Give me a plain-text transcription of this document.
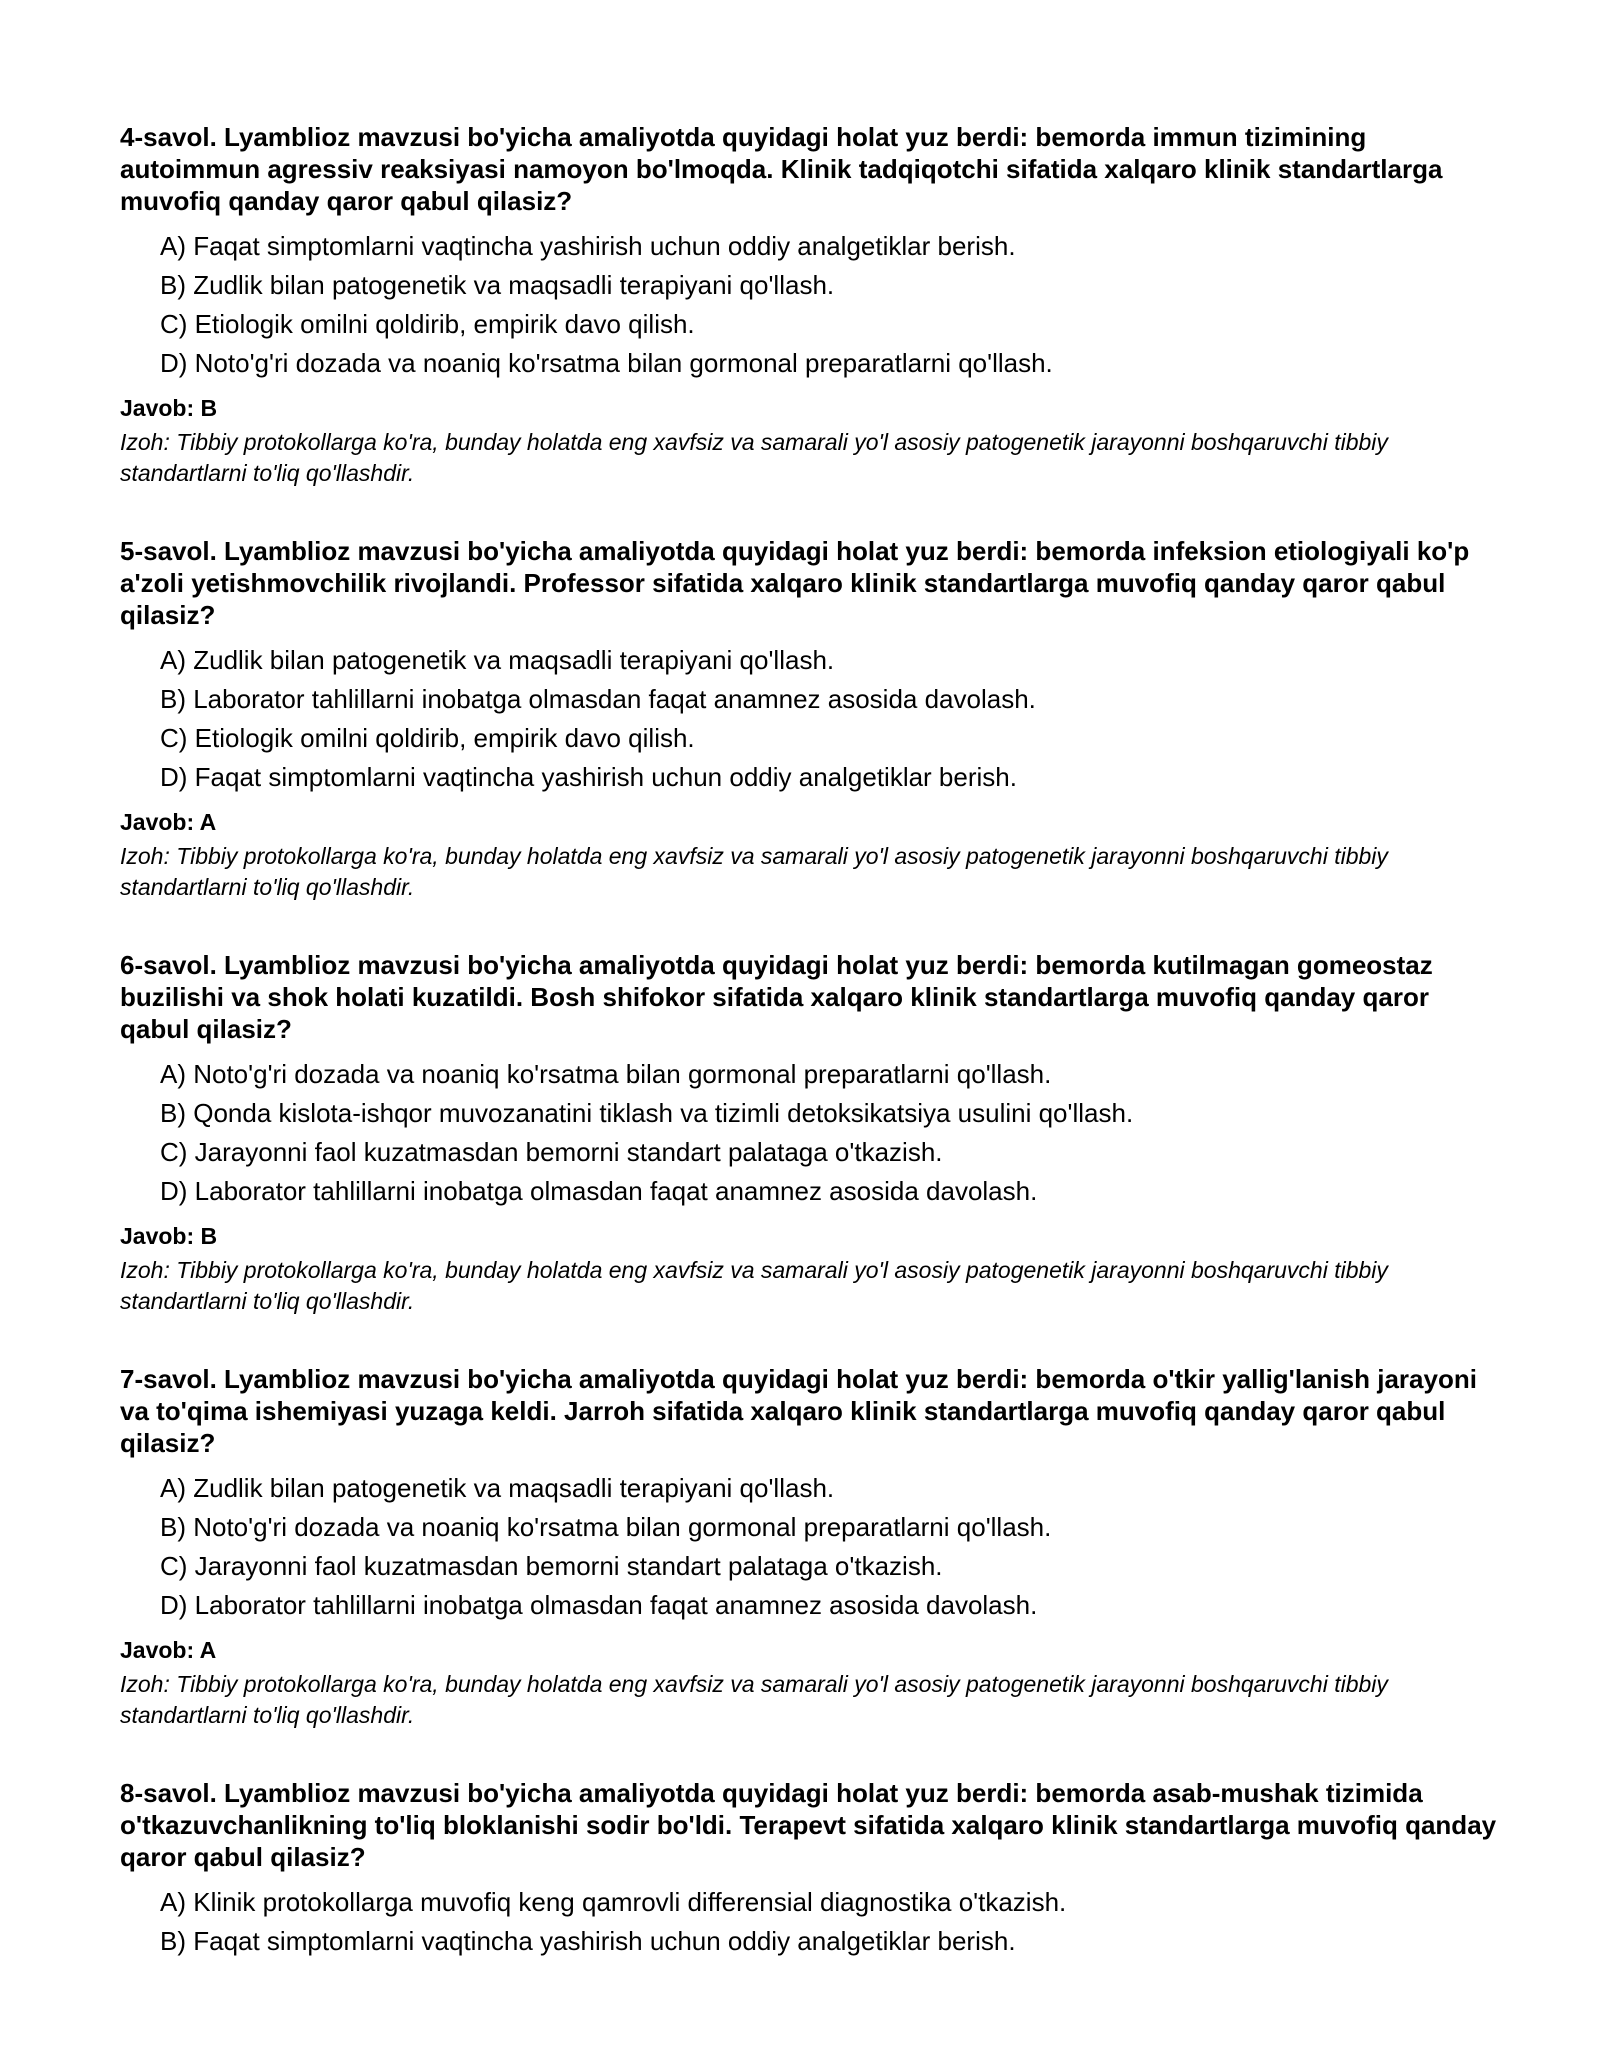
4-savol. Lyamblioz mavzusi bo'yicha amaliyotda quyidagi holat yuz berdi: bemorda immun tizimining autoimmun agressiv reaksiyasi namoyon bo'lmoqda. Klinik tadqiqotchi sifatida xalqaro klinik standartlarga muvofiq qanday qaror qabul qilasiz?
A) Faqat simptomlarni vaqtincha yashirish uchun oddiy analgetiklar berish.
B) Zudlik bilan patogenetik va maqsadli terapiyani qo'llash.
C) Etiologik omilni qoldirib, empirik davo qilish.
D) Noto'g'ri dozada va noaniq ko'rsatma bilan gormonal preparatlarni qo'llash.
Javob: B
Izoh: Tibbiy protokollarga ko'ra, bunday holatda eng xavfsiz va samarali yo'l asosiy patogenetik jarayonni boshqaruvchi tibbiy standartlarni to'liq qo'llashdir.
5-savol. Lyamblioz mavzusi bo'yicha amaliyotda quyidagi holat yuz berdi: bemorda infeksion etiologiyali ko'p a'zoli yetishmovchilik rivojlandi. Professor sifatida xalqaro klinik standartlarga muvofiq qanday qaror qabul qilasiz?
A) Zudlik bilan patogenetik va maqsadli terapiyani qo'llash.
B) Laborator tahlillarni inobatga olmasdan faqat anamnez asosida davolash.
C) Etiologik omilni qoldirib, empirik davo qilish.
D) Faqat simptomlarni vaqtincha yashirish uchun oddiy analgetiklar berish.
Javob: A
Izoh: Tibbiy protokollarga ko'ra, bunday holatda eng xavfsiz va samarali yo'l asosiy patogenetik jarayonni boshqaruvchi tibbiy standartlarni to'liq qo'llashdir.
6-savol. Lyamblioz mavzusi bo'yicha amaliyotda quyidagi holat yuz berdi: bemorda kutilmagan gomeostaz buzilishi va shok holati kuzatildi. Bosh shifokor sifatida xalqaro klinik standartlarga muvofiq qanday qaror qabul qilasiz?
A) Noto'g'ri dozada va noaniq ko'rsatma bilan gormonal preparatlarni qo'llash.
B) Qonda kislota-ishqor muvozanatini tiklash va tizimli detoksikatsiya usulini qo'llash.
C) Jarayonni faol kuzatmasdan bemorni standart palataga o'tkazish.
D) Laborator tahlillarni inobatga olmasdan faqat anamnez asosida davolash.
Javob: B
Izoh: Tibbiy protokollarga ko'ra, bunday holatda eng xavfsiz va samarali yo'l asosiy patogenetik jarayonni boshqaruvchi tibbiy standartlarni to'liq qo'llashdir.
7-savol. Lyamblioz mavzusi bo'yicha amaliyotda quyidagi holat yuz berdi: bemorda o'tkir yallig'lanish jarayoni va to'qima ishemiyasi yuzaga keldi. Jarroh sifatida xalqaro klinik standartlarga muvofiq qanday qaror qabul qilasiz?
A) Zudlik bilan patogenetik va maqsadli terapiyani qo'llash.
B) Noto'g'ri dozada va noaniq ko'rsatma bilan gormonal preparatlarni qo'llash.
C) Jarayonni faol kuzatmasdan bemorni standart palataga o'tkazish.
D) Laborator tahlillarni inobatga olmasdan faqat anamnez asosida davolash.
Javob: A
Izoh: Tibbiy protokollarga ko'ra, bunday holatda eng xavfsiz va samarali yo'l asosiy patogenetik jarayonni boshqaruvchi tibbiy standartlarni to'liq qo'llashdir.
8-savol. Lyamblioz mavzusi bo'yicha amaliyotda quyidagi holat yuz berdi: bemorda asab-mushak tizimida o'tkazuvchanlikning to'liq bloklanishi sodir bo'ldi. Terapevt sifatida xalqaro klinik standartlarga muvofiq qanday qaror qabul qilasiz?
A) Klinik protokollarga muvofiq keng qamrovli differensial diagnostika o'tkazish.
B) Faqat simptomlarni vaqtincha yashirish uchun oddiy analgetiklar berish.
